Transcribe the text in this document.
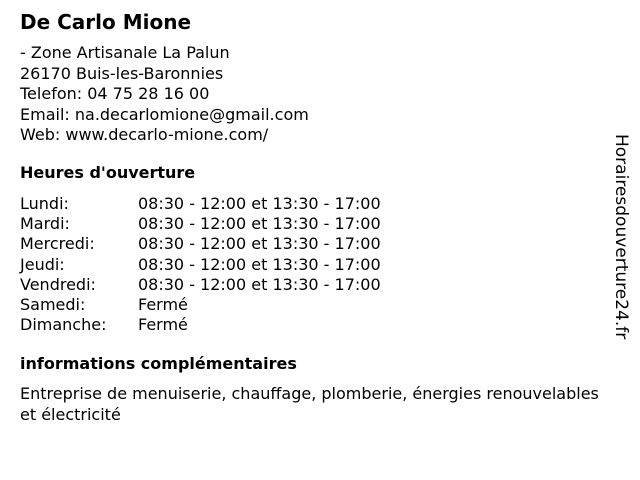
De Carlo Mione
- Zone Artisanale La Palun
26170 Buis-les-Baronnies
Telefon: 04 75 28 16 00
Email: na.decarlomione@gmail.com
Web: www.decarlo-mione.com/
Heures d'ouverture
Lundi:	08:30 - 12:00 et 13:30 - 17:00
Mardi:	08:30 - 12:00 et 13:30 - 17:00
Mercredi:	08:30 - 12:00 et 13:30 - 17:00
Jeudi:	08:30 - 12:00 et 13:30 - 17:00
Vendredi:	08:30 - 12:00 et 13:30 - 17:00
Samedi:	Fermé
Dimanche:	Fermé
informations complémentaires
Entreprise de menuiserie, chauffage, plomberie, énergies renouvelables et électricité
Horairesdouverture24.fr
